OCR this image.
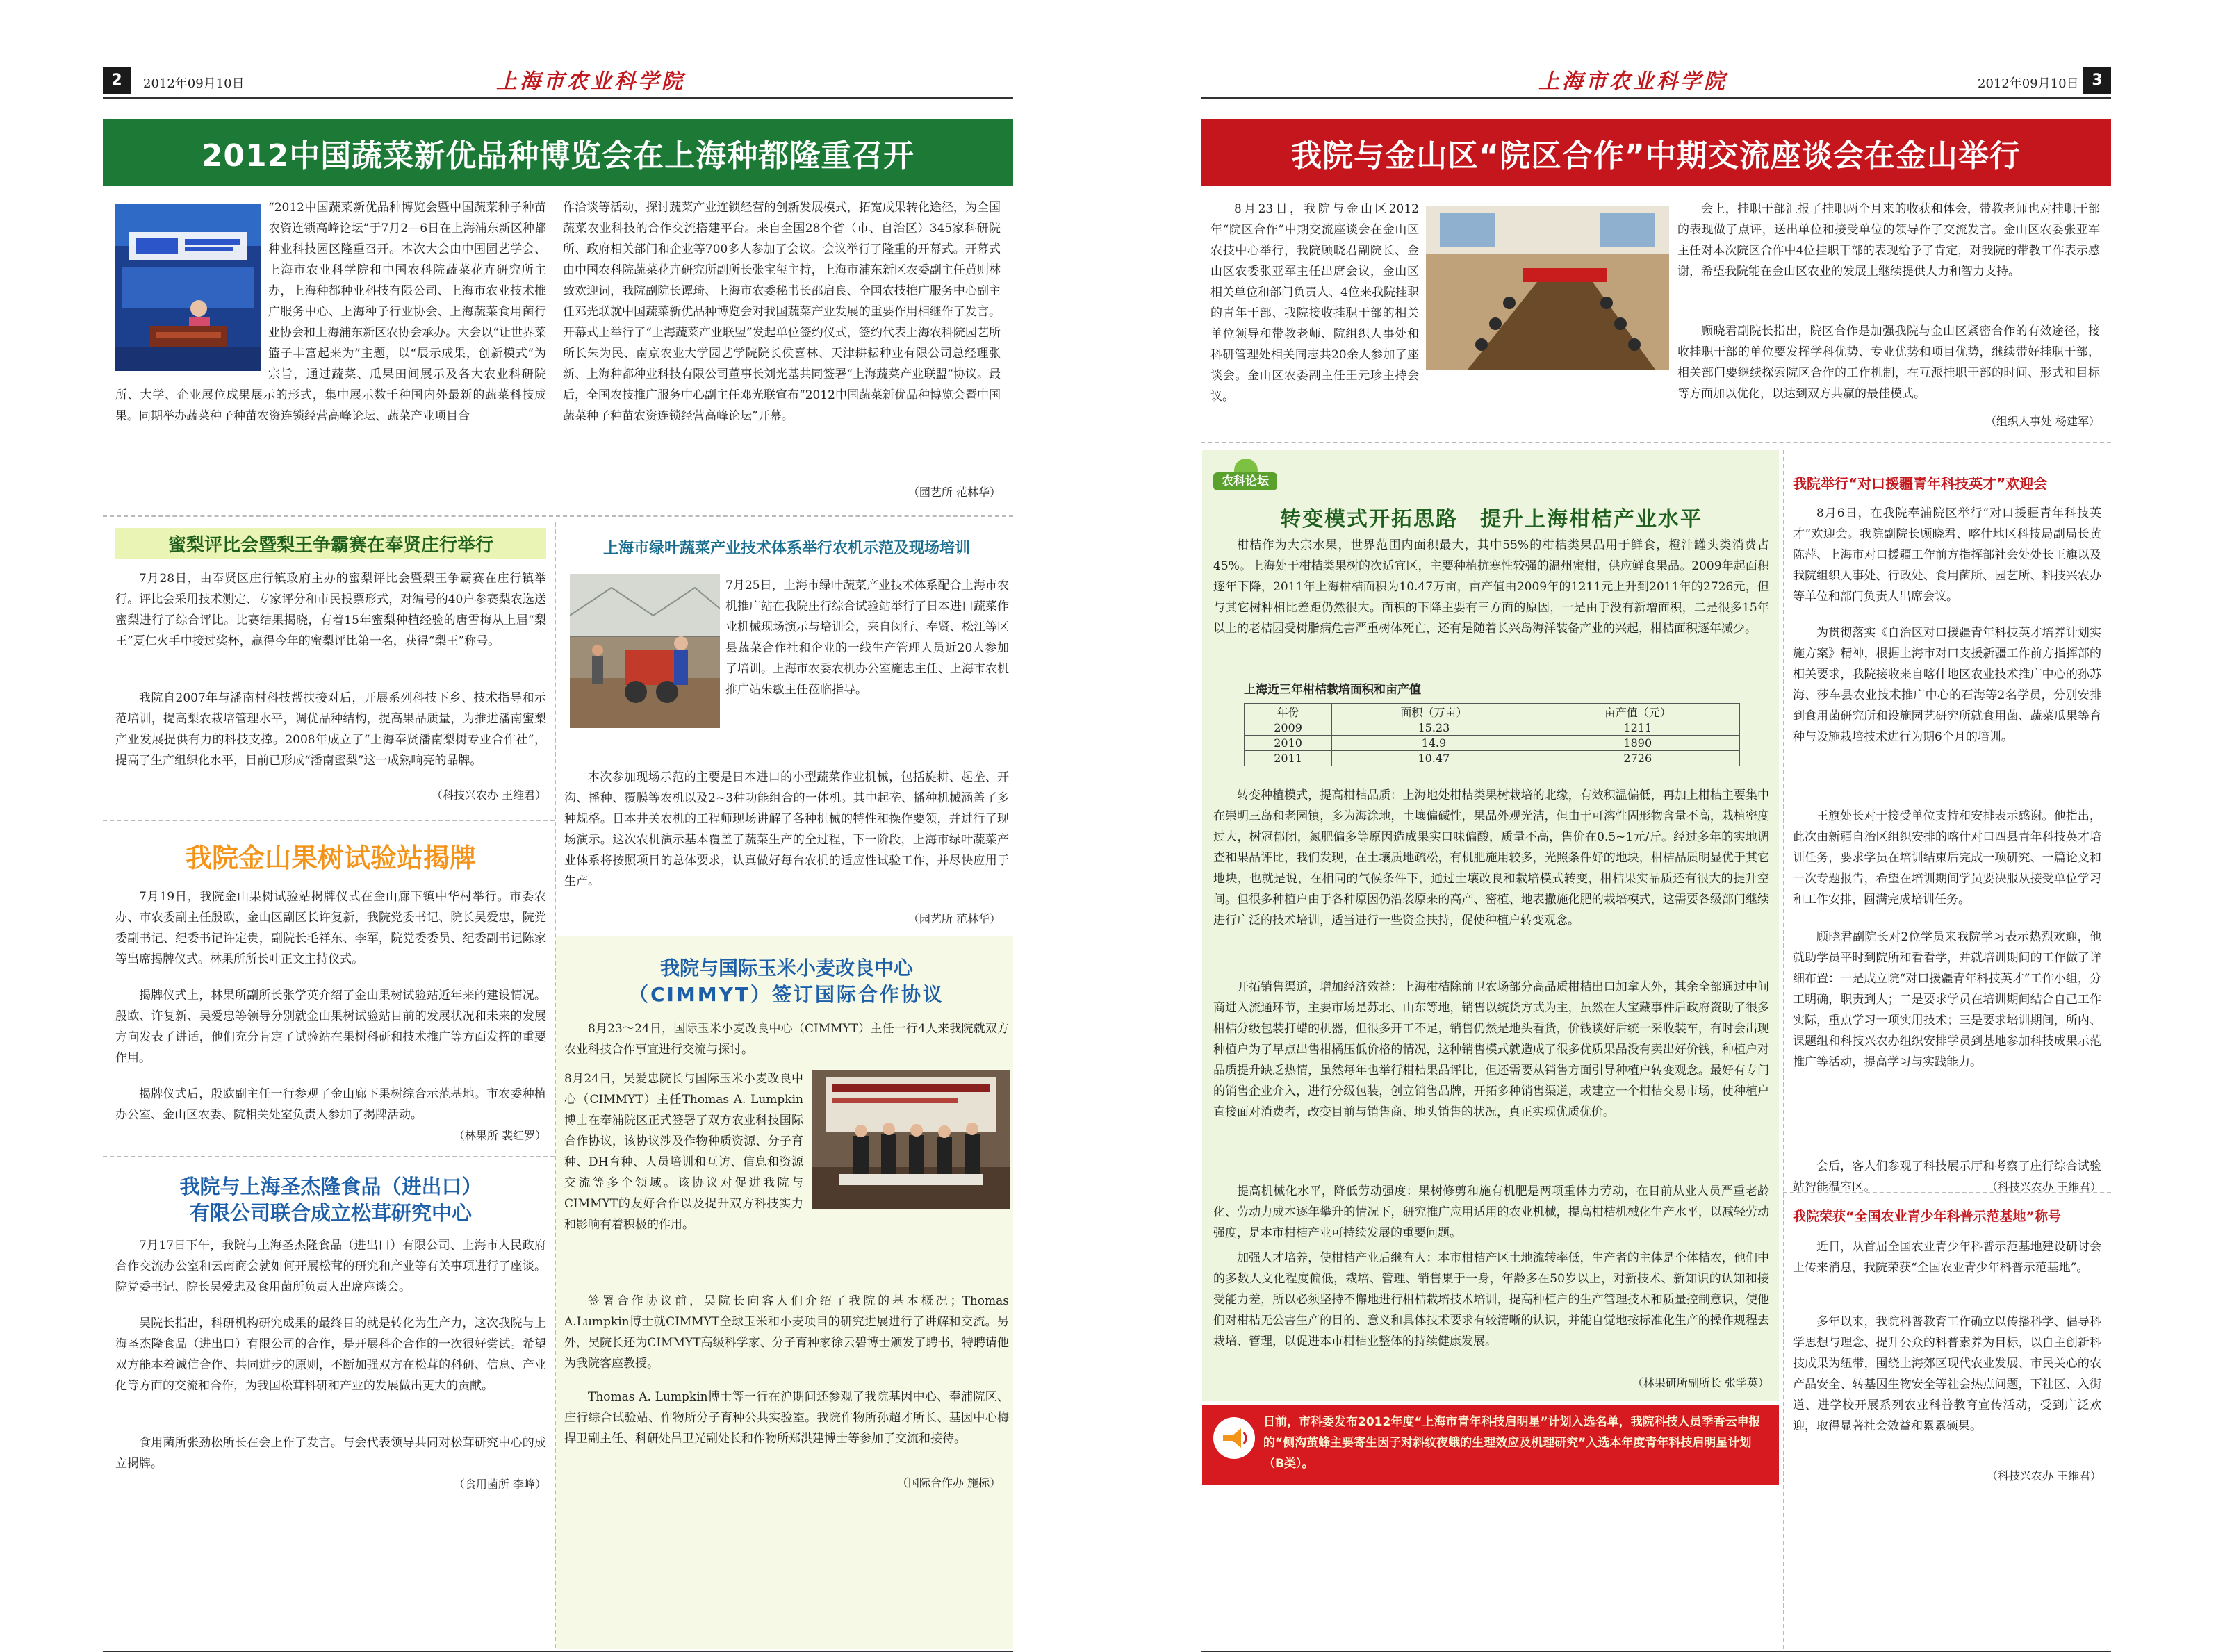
2	2012年09月10日	上海市农业科学院
2012中国蔬菜新优品种博览会在上海种都隆重召开
作洽谈等活动，探讨蔬菜产业连锁经营的创新发展模式，拓宽成果转化途径，为全国蔬菜农业科技的合作交流搭建平台。来自全国28个省（市、自治区）345家科研院所、政府相关部门和企业等700多人参加了会议。会议举行了隆重的开幕式。开幕式由中国农科院蔬菜花卉研究所副所长张宝玺主持，上海市浦东新区农委副主任黄则林致欢迎词，我院副院长谭琦、上海市农委秘书长邵启良、全国农技推广服务中心副主任邓光联就中国蔬菜新优品种博览会对我国蔬菜产业发展的重要作用相继作了发言。开幕式上举行了“上海蔬菜产业联盟”发起单位签约仪式，签约代表上海农科院园艺所所长朱为民、南京农业大学园艺学院院长侯喜林、天津耕耘种业有限公司总经理张新、上海种都种业科技有限公司董事长刘光基共同签署“上海蔬菜产业联盟”协议。最后，全国农技推广服务中心副主任邓光联宣布“2012中国蔬菜新优品种博览会暨中国蔬菜种子种苗农资连锁经营高峰论坛”开幕。
（园艺所 范林华）
蜜梨评比会暨梨王争霸赛在奉贤庄行举行
7月28日，由奉贤区庄行镇政府主办的蜜梨评比会暨梨王争霸赛在庄行镇举行。评比会采用技术测定、专家评分和市民投票形式，对编号的40户参赛梨农选送蜜梨进行了综合评比。比赛结果揭晓，有着15年蜜梨种植经验的唐雪梅从上届“梨王”夏仁火手中接过奖杯，赢得今年的蜜梨评比第一名，获得“梨王”称号。
我院自2007年与潘南村科技帮扶接对后，开展系列科技下乡、技术指导和示范培训，提高梨农栽培管理水平，调优品种结构，提高果品质量，为推进潘南蜜梨产业发展提供有力的科技支撑。2008年成立了“上海奉贤潘南梨树专业合作社”，提高了生产组织化水平，目前已形成“潘南蜜梨”这一成熟响亮的品牌。
（科技兴农办 王维君）
上海市绿叶蔬菜产业技术体系举行农机示范及现场培训
本次参加现场示范的主要是日本进口的小型蔬菜作业机械，包括旋耕、起垄、开沟、播种、覆膜等农机以及2~3种功能组合的一体机。其中起垄、播种机械涵盖了多种规格。日本井关农机的工程师现场讲解了各种机械的特性和操作要领，并进行了现场演示。这次农机演示基本覆盖了蔬菜生产的全过程，下一阶段，上海市绿叶蔬菜产业体系将按照项目的总体要求，认真做好每台农机的适应性试验工作，并尽快应用于生产。
（园艺所 范林华）
我院金山果树试验站揭牌
7月19日，我院金山果树试验站揭牌仪式在金山廊下镇中华村举行。市委农办、市农委副主任殷欧，金山区副区长许复新，我院党委书记、院长吴爱忠，院党委副书记、纪委书记许定贵，副院长毛祥东、李军，院党委委员、纪委副书记陈家等出席揭牌仪式。林果所所长叶正文主持仪式。
揭牌仪式上，林果所副所长张学英介绍了金山果树试验站近年来的建设情况。殷欧、许复新、吴爱忠等领导分别就金山果树试验站目前的发展状况和未来的发展方向发表了讲话，他们充分肯定了试验站在果树科研和技术推广等方面发挥的重要作用。
揭牌仪式后，殷欧副主任一行参观了金山廊下果树综合示范基地。市农委种植办公室、金山区农委、院相关处室负责人参加了揭牌活动。
（林果所 裴红罗）
我院与上海圣杰隆食品（进出口）
有限公司联合成立松茸研究中心
7月17日下午，我院与上海圣杰隆食品（进出口）有限公司、上海市人民政府合作交流办公室和云南商会就如何开展松茸的研究和产业等有关事项进行了座谈。院党委书记、院长吴爱忠及食用菌所负责人出席座谈会。
吴院长指出，科研机构研究成果的最终目的就是转化为生产力，这次我院与上海圣杰隆食品（进出口）有限公司的合作，是开展科企合作的一次很好尝试。希望双方能本着诚信合作、共同进步的原则，不断加强双方在松茸的科研、信息、产业化等方面的交流和合作，为我国松茸科研和产业的发展做出更大的贡献。
食用菌所张劲松所长在会上作了发言。与会代表领导共同对松茸研究中心的成立揭牌。
（食用菌所 李峰）
我院与国际玉米小麦改良中心
（CIMMYT）签订国际合作协议
8月23～24日，国际玉米小麦改良中心（CIMMYT）主任一行4人来我院就双方农业科技合作事宜进行交流与探讨。
签署合作协议前，吴院长向客人们介绍了我院的基本概况；Thomas A.Lumpkin博士就CIMMYT全球玉米和小麦项目的研究进展进行了讲解和交流。另外，吴院长还为CIMMYT高级科学家、分子育种家徐云碧博士颁发了聘书，特聘请他为我院客座教授。
Thomas A. Lumpkin博士等一行在沪期间还参观了我院基因中心、奉浦院区、庄行综合试验站、作物所分子育种公共实验室。我院作物所孙超才所长、基因中心梅捍卫副主任、科研处吕卫光副处长和作物所郑洪建博士等参加了交流和接待。
（国际合作办 施标）
上海市农业科学院	2012年09月10日 3
我院与金山区“院区合作”中期交流座谈会在金山举行
8月23日，我院与金山区2012年“院区合作”中期交流座谈会在金山区农技中心举行，我院顾晓君副院长、金山区农委张亚军主任出席会议，金山区相关单位和部门负责人、4位来我院挂职的青年干部、我院接收挂职干部的相关单位领导和带教老师、院组织人事处和科研管理处相关同志共20余人参加了座谈会。金山区农委副主任王元珍主持会议。
会上，挂职干部汇报了挂职两个月来的收获和体会，带教老师也对挂职干部的表现做了点评，送出单位和接受单位的领导作了交流发言。金山区农委张亚军主任对本次院区合作中4位挂职干部的表现给予了肯定，对我院的带教工作表示感谢，希望我院能在金山区农业的发展上继续提供人力和智力支持。
顾晓君副院长指出，院区合作是加强我院与金山区紧密合作的有效途径，接收挂职干部的单位要发挥学科优势、专业优势和项目优势，继续带好挂职干部，相关部门要继续探索院区合作的工作机制，在互派挂职干部的时间、形式和目标等方面加以优化，以达到双方共赢的最佳模式。
（组织人事处 杨建军）
农科论坛
转变模式开拓思路　提升上海柑桔产业水平
柑桔作为大宗水果，世界范围内面积最大，其中55%的柑桔类果品用于鲜食，橙汁罐头类消费占45%。上海处于柑桔类果树的次适宜区，主要种植抗寒性较强的温州蜜柑，供应鲜食果品。2009年起面积逐年下降，2011年上海柑桔面积为10.47万亩，亩产值由2009年的1211元上升到2011年的2726元，但与其它树种相比差距仍然很大。面积的下降主要有三方面的原因，一是由于没有新增面积，二是很多15年以上的老桔园受树脂病危害严重树体死亡，还有是随着长兴岛海洋装备产业的兴起，柑桔面积逐年减少。
上海近三年柑桔栽培面积和亩产值
年份	面积（万亩）	亩产值（元）
2009	15.23	1211
2010	14.9	1890
2011	10.47	2726
转变种植模式，提高柑桔品质：上海地处柑桔类果树栽培的北缘，有效积温偏低，再加上柑桔主要集中在崇明三岛和老园镇，多为海涂地，土壤偏碱性，果品外观光洁，但由于可溶性固形物含量不高，栽植密度过大，树冠郁闭，氮肥偏多等原因造成果实口味偏酸，质量不高，售价在0.5~1元/斤。经过多年的实地调查和果品评比，我们发现，在土壤质地疏松，有机肥施用较多，光照条件好的地块，柑桔品质明显优于其它地块，也就是说，在相同的气候条件下，通过土壤改良和栽培模式转变，柑桔果实品质还有很大的提升空间。但很多种植户由于各种原因仍沿袭原来的高产、密植、地表撒施化肥的栽培模式，这需要各级部门继续进行广泛的技术培训，适当进行一些资金扶持，促使种植户转变观念。
开拓销售渠道，增加经济效益：上海柑桔除前卫农场部分高品质柑桔出口加拿大外，其余全部通过中间商进入流通环节，主要市场是苏北、山东等地，销售以统货方式为主，虽然在大宝藏事件后政府资助了很多柑桔分级包装打蜡的机器，但很多开工不足，销售仍然是地头看货，价钱谈好后统一采收装车，有时会出现种植户为了早点出售柑橘压低价格的情况，这种销售模式就造成了很多优质果品没有卖出好价钱，种植户对品质提升缺乏热情，虽然每年也举行柑桔果品评比，但还需要从销售方面引导种植户转变观念。最好有专门的销售企业介入，进行分级包装，创立销售品牌，开拓多种销售渠道，或建立一个柑桔交易市场，使种植户直接面对消费者，改变目前与销售商、地头销售的状况，真正实现优质优价。
提高机械化水平，降低劳动强度：果树修剪和施有机肥是两项重体力劳动，在目前从业人员严重老龄化、劳动力成本逐年攀升的情况下，研究推广应用适用的农业机械，提高柑桔机械化生产水平，以减轻劳动强度，是本市柑桔产业可持续发展的重要问题。
加强人才培养，使柑桔产业后继有人：本市柑桔产区土地流转率低，生产者的主体是个体桔农，他们中的多数人文化程度偏低，栽培、管理、销售集于一身，年龄多在50岁以上，对新技术、新知识的认知和接受能力差，所以必须坚持不懈地进行柑桔栽培技术培训，提高种植户的生产管理技术和质量控制意识，使他们对柑桔无公害生产的目的、意义和具体技术要求有较清晰的认识，并能自觉地按标准化生产的操作规程去栽培、管理，以促进本市柑桔业整体的持续健康发展。
（林果研所副所长 张学英）
日前，市科委发布2012年度“上海市青年科技启明星”计划入选名单，我院科技人员季香云申报的“侧沟茧蜂主要寄生因子对斜纹夜蛾的生理效应及机理研究”入选本年度青年科技启明星计划（B类）。
我院举行“对口援疆青年科技英才”欢迎会
8月6日，在我院奉浦院区举行“对口援疆青年科技英才”欢迎会。我院副院长顾晓君、喀什地区科技局副局长黄陈萍、上海市对口援疆工作前方指挥部社会处处长王旗以及我院组织人事处、行政处、食用菌所、园艺所、科技兴农办等单位和部门负责人出席会议。
为贯彻落实《自治区对口援疆青年科技英才培养计划实施方案》精神，根据上海市对口支援新疆工作前方指挥部的相关要求，我院接收来自喀什地区农业技术推广中心的孙苏海、莎车县农业技术推广中心的石海等2名学员，分别安排到食用菌研究所和设施园艺研究所就食用菌、蔬菜瓜果等育种与设施栽培技术进行为期6个月的培训。
王旗处长对于接受单位支持和安排表示感谢。他指出，此次由新疆自治区组织安排的喀什对口四县青年科技英才培训任务，要求学员在培训结束后完成一项研究、一篇论文和一次专题报告，希望在培训期间学员要决服从接受单位学习和工作安排，圆满完成培训任务。
顾晓君副院长对2位学员来我院学习表示热烈欢迎，他就助学员平时到院所和看看学，并就培训期间的工作做了详细布置：一是成立院“对口援疆青年科技英才”工作小组，分工明确，职责到人；二是要求学员在培训期间结合自己工作实际，重点学习一项实用技术；三是要求培训期间，所内、课题组和科技兴农办组织安排学员到基地参加科技成果示范推广等活动，提高学习与实践能力。
会后，客人们参观了科技展示厅和考察了庄行综合试验站智能温室区。	（科技兴农办 王维君）
我院荣获“全国农业青少年科普示范基地”称号
近日，从首届全国农业青少年科普示范基地建设研讨会上传来消息，我院荣获“全国农业青少年科普示范基地”。
多年以来，我院科普教育工作确立以传播科学、倡导科学思想与理念、提升公众的科普素养为目标，以自主创新科技成果为纽带，围绕上海郊区现代农业发展、市民关心的农产品安全、转基因生物安全等社会热点问题，下社区、入街道、进学校开展系列农业科普教育宣传活动，受到广泛欢迎，取得显著社会效益和累累硕果。
（科技兴农办 王维君）
“2012中国蔬菜新优品种博览会暨中国蔬菜种子种苗农资连锁高峰论坛”于7月2—6日在上海浦东新区种都种业科技园区隆重召开。本次大会由中国园艺学会、上海市农业科学院和中国农科院蔬菜花卉研究所主办，上海种都种业科技有限公司、上海市农业技术推广服务中心、上海种子行业协会、上海蔬菜食用菌行业协会和上海浦东新区农协会承办。大会以“让世界菜篮子丰富起来为”主题，以“展示成果，创新模式”为宗旨，通过蔬菜、瓜果田间展示及各大农业科研院所、大学、企业展位成果展示的形式，集中展示数千种国内外最新的蔬菜科技成果。同期举办蔬菜种子种苗农资连锁经营高峰论坛、蔬菜产业项目合
7月25日，上海市绿叶蔬菜产业技术体系配合上海市农机推广站在我院庄行综合试验站举行了日本进口蔬菜作业机械现场演示与培训会，来自闵行、奉贤、松江等区县蔬菜合作社和企业的一线生产管理人员近20人参加了培训。上海市农委农机办公室施忠主任、上海市农机推广站朱敏主任莅临指导。
8月24日，吴爱忠院长与国际玉米小麦改良中心（CIMMYT）主任Thomas A. Lumpkin博士在奉浦院区正式签署了双方农业科技国际合作协议，该协议涉及作物种质资源、分子育种、DH育种、人员培训和互访、信息和资源交流等多个领域。该协议对促进我院与CIMMYT的友好合作以及提升双方科技实力和影响有着积极的作用。
